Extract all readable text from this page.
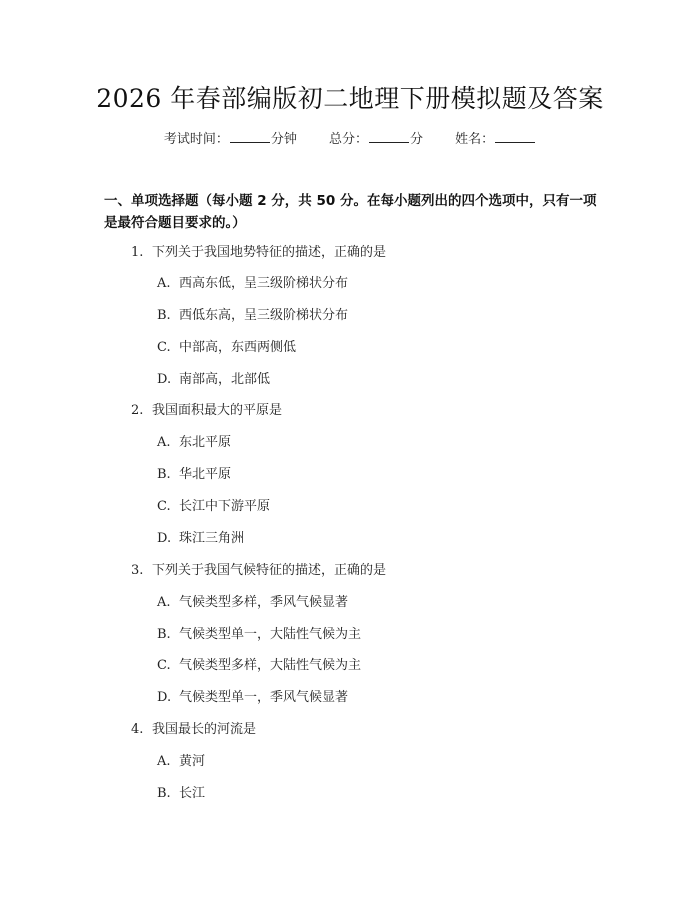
2026 年春部编版初二地理下册模拟题及答案
考试时间：	分钟 总分：	分 姓名：
一、单项选择题（每小题 2 分，共 50 分。在每小题列出的四个选项中，只有一项是最符合题目要求的。）
1. 下列关于我国地势特征的描述，正确的是
A. 西高东低，呈三级阶梯状分布
B. 西低东高，呈三级阶梯状分布
C. 中部高，东西两侧低
D. 南部高，北部低
2. 我国面积最大的平原是
A. 东北平原
B. 华北平原
C. 长江中下游平原
D. 珠江三角洲
3. 下列关于我国气候特征的描述，正确的是
A. 气候类型多样，季风气候显著
B. 气候类型单一，大陆性气候为主
C. 气候类型多样，大陆性气候为主
D. 气候类型单一，季风气候显著
4. 我国最长的河流是
A. 黄河
B. 长江
